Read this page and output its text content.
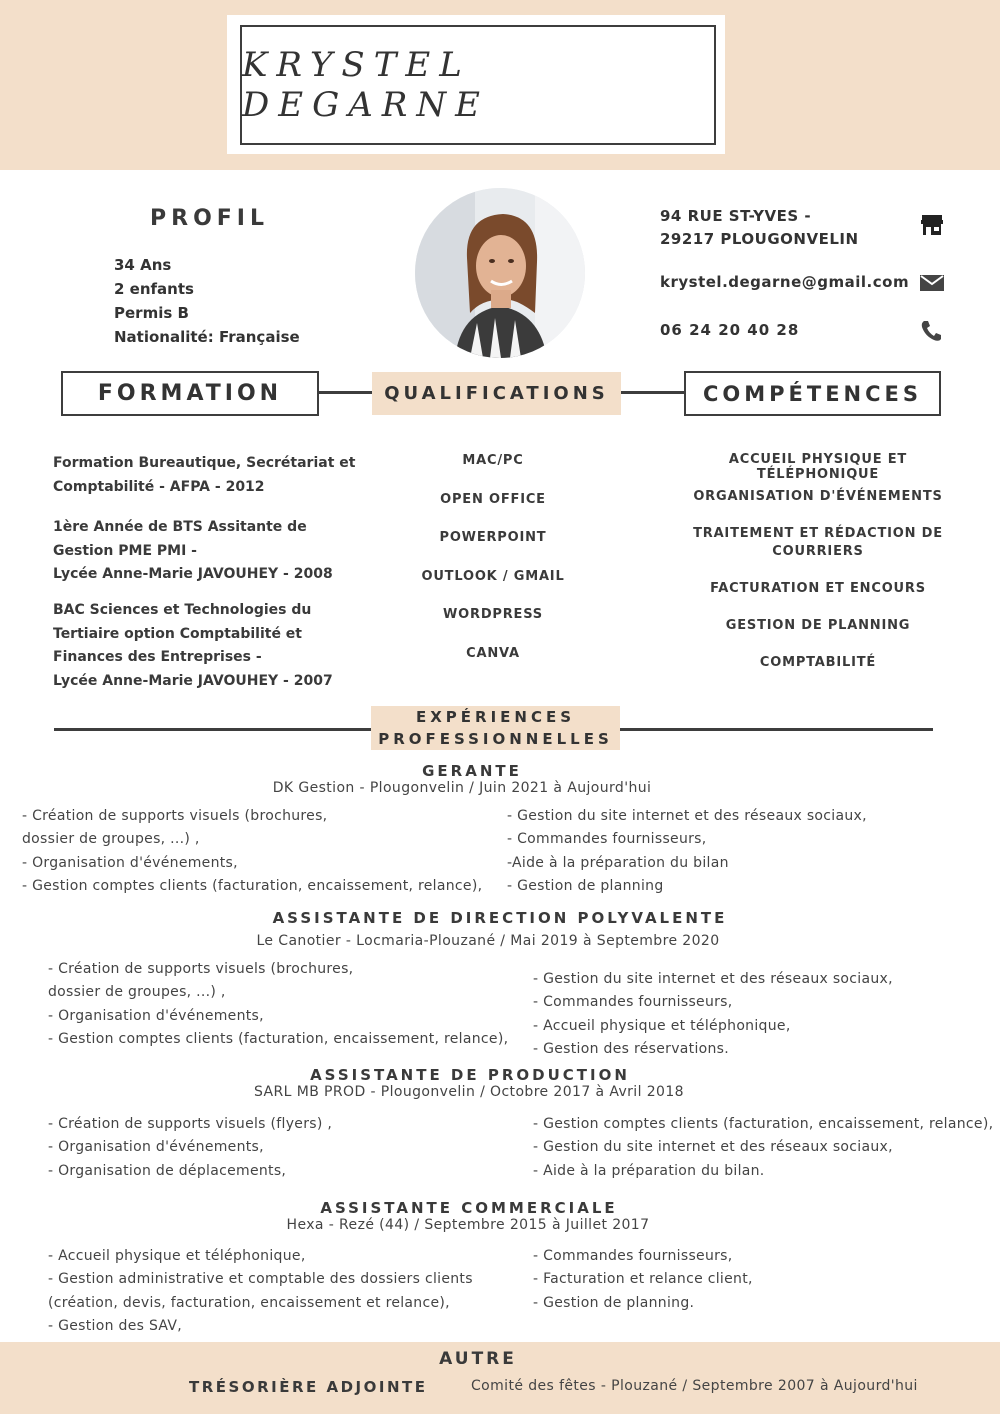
KRYSTEL DEGARNE
PROFIL
34 Ans
2 enfants
Permis B
Nationalité: Française
94 RUE ST-YVES -
29217 PLOUGONVELIN
krystel.degarne@gmail.com
06 24 20 40 28
FORMATION	QUALIFICATIONS	COMPÉTENCES
Formation Bureautique, Secrétariat et
Comptabilité - AFPA - 2012
1ère Année de BTS Assitante de
Gestion PME PMI -
Lycée Anne-Marie JAVOUHEY - 2008
BAC Sciences et Technologies du
Tertiaire option Comptabilité et
Finances des Entreprises -
Lycée Anne-Marie JAVOUHEY - 2007
MAC/PC
OPEN OFFICE
POWERPOINT
OUTLOOK / GMAIL
WORDPRESS
CANVA
ACCUEIL PHYSIQUE ET TÉLÉPHONIQUE
ORGANISATION D'ÉVÉNEMENTS
TRAITEMENT ET RÉDACTION DE
COURRIERS
FACTURATION ET ENCOURS
GESTION DE PLANNING
COMPTABILITÉ
EXPÉRIENCES
PROFESSIONNELLES
GERANTE
DK Gestion - Plougonvelin / Juin 2021 à Aujourd'hui
- Création de supports visuels (brochures,
dossier de groupes, ...) ,
- Organisation d'événements,
- Gestion comptes clients (facturation, encaissement, relance),
- Gestion du site internet et des réseaux sociaux,
- Commandes fournisseurs,
-Aide à la préparation du bilan
- Gestion de planning
ASSISTANTE DE DIRECTION POLYVALENTE
Le Canotier - Locmaria-Plouzané / Mai 2019 à Septembre 2020
- Création de supports visuels (brochures,
dossier de groupes, ...) ,
- Organisation d'événements,
- Gestion comptes clients (facturation, encaissement, relance),
- Gestion du site internet et des réseaux sociaux,
- Commandes fournisseurs,
- Accueil physique et téléphonique,
- Gestion des réservations.
ASSISTANTE DE PRODUCTION
SARL MB PROD - Plougonvelin / Octobre 2017 à Avril 2018
- Création de supports visuels (flyers) ,
- Organisation d'événements,
- Organisation de déplacements,
- Gestion comptes clients (facturation, encaissement, relance),
- Gestion du site internet et des réseaux sociaux,
- Aide à la préparation du bilan.
ASSISTANTE COMMERCIALE
Hexa - Rezé (44) / Septembre 2015 à Juillet 2017
- Accueil physique et téléphonique,
- Gestion administrative et comptable des dossiers clients
(création, devis, facturation, encaissement et relance),
- Gestion des SAV,
- Commandes fournisseurs,
- Facturation et relance client,
- Gestion de planning.
AUTRE
TRÉSORIÈRE ADJOINTE	Comité des fêtes - Plouzané / Septembre 2007 à Aujourd'hui
